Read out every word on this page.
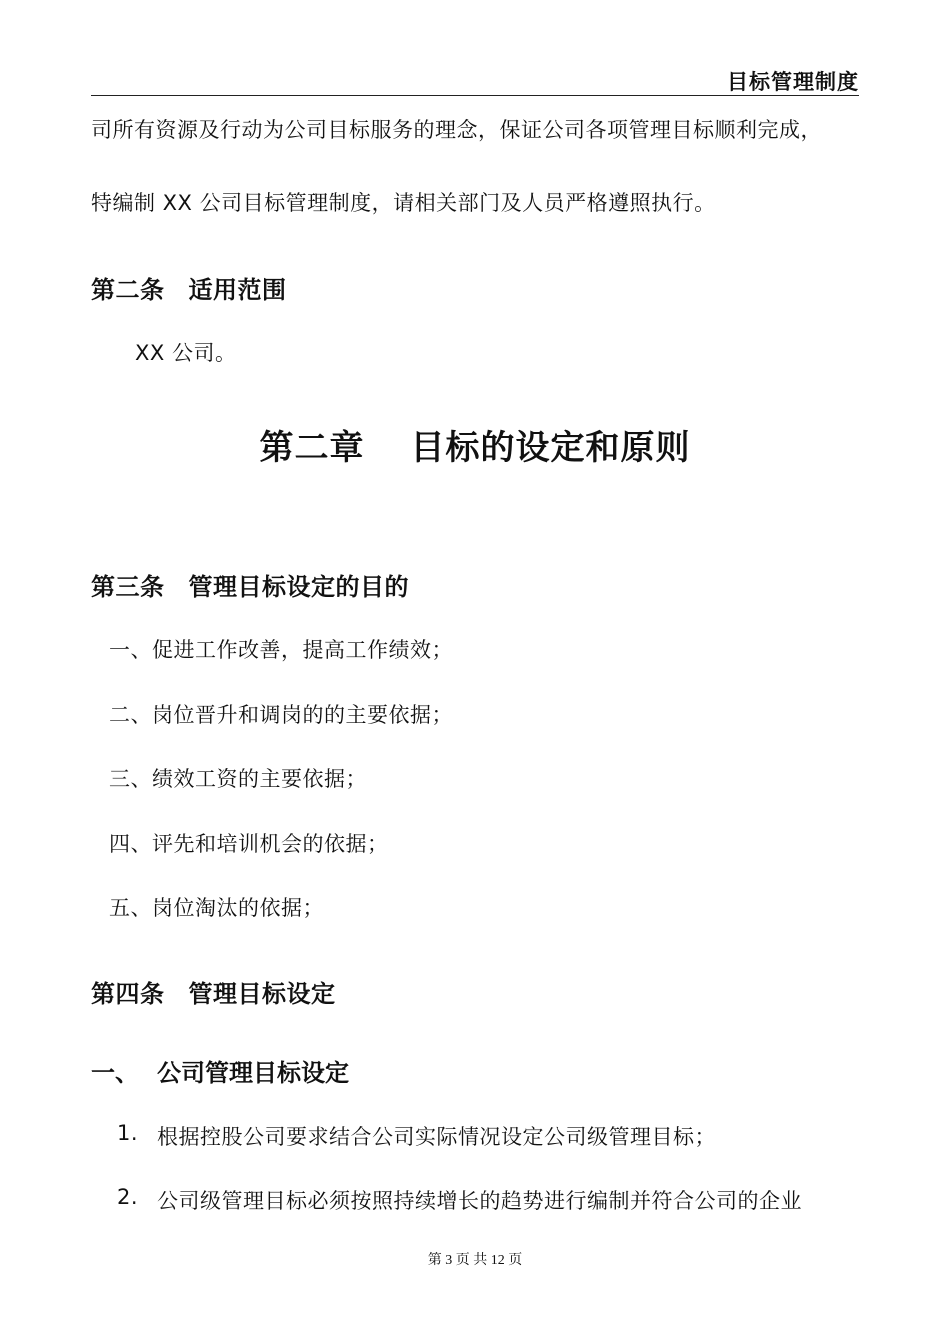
目标管理制度
司所有资源及行动为公司目标服务的理念，保证公司各项管理目标顺利完成，
特编制 XX 公司目标管理制度，请相关部门及人员严格遵照执行。
第二条 适用范围
XX 公司。
第二章 目标的设定和原则
第三条 管理目标设定的目的
一、促进工作改善，提高工作绩效；
二、岗位晋升和调岗的的主要依据；
三、绩效工资的主要依据；
四、评先和培训机会的依据；
五、岗位淘汰的依据；
第四条 管理目标设定
一、 公司管理目标设定
1. 根据控股公司要求结合公司实际情况设定公司级管理目标；
2. 公司级管理目标必须按照持续增长的趋势进行编制并符合公司的企业
第 3 页 共 12 页
